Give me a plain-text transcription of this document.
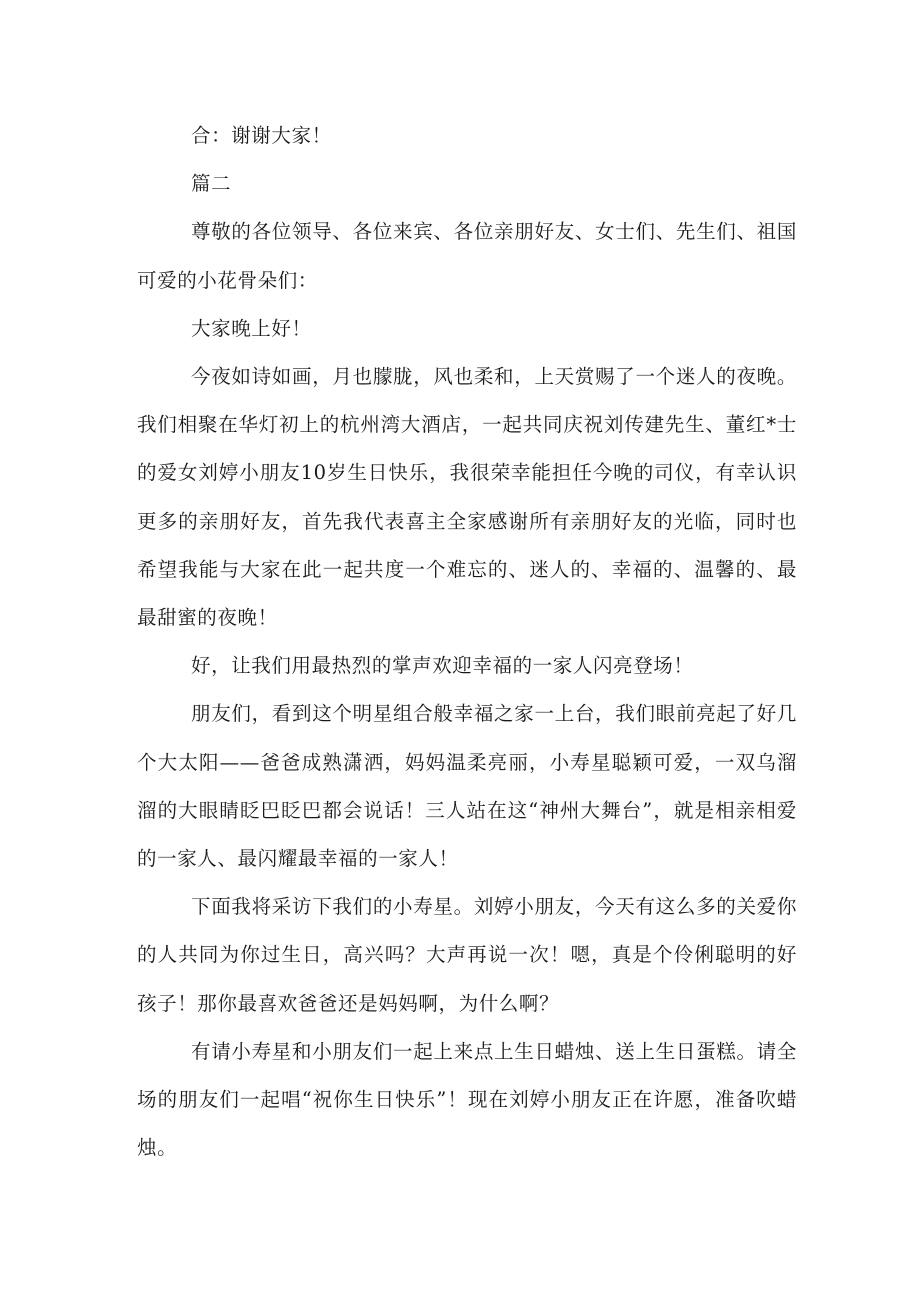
合：谢谢大家！

篇二

尊敬的各位领导、各位来宾、各位亲朋好友、女士们、先生们、祖国可爱的小花骨朵们：

大家晚上好！

今夜如诗如画，月也朦胧，风也柔和，上天赏赐了一个迷人的夜晚。我们相聚在华灯初上的杭州湾大酒店，一起共同庆祝刘传建先生、董红*士的爱女刘婷小朋友10岁生日快乐，我很荣幸能担任今晚的司仪，有幸认识更多的亲朋好友，首先我代表喜主全家感谢所有亲朋好友的光临，同时也希望我能与大家在此一起共度一个难忘的、迷人的、幸福的、温馨的、最最甜蜜的夜晚！

好，让我们用最热烈的掌声欢迎幸福的一家人闪亮登场！

朋友们，看到这个明星组合般幸福之家一上台，我们眼前亮起了好几个大太阳——爸爸成熟潇洒，妈妈温柔亮丽，小寿星聪颖可爱，一双乌溜溜的大眼睛眨巴眨巴都会说话！三人站在这“神州大舞台”，就是相亲相爱的一家人、最闪耀最幸福的一家人！

下面我将采访下我们的小寿星。刘婷小朋友，今天有这么多的关爱你的人共同为你过生日，高兴吗？大声再说一次！嗯，真是个伶俐聪明的好孩子！那你最喜欢爸爸还是妈妈啊，为什么啊？

有请小寿星和小朋友们一起上来点上生日蜡烛、送上生日蛋糕。请全场的朋友们一起唱“祝你生日快乐”！现在刘婷小朋友正在许愿，准备吹蜡烛。
